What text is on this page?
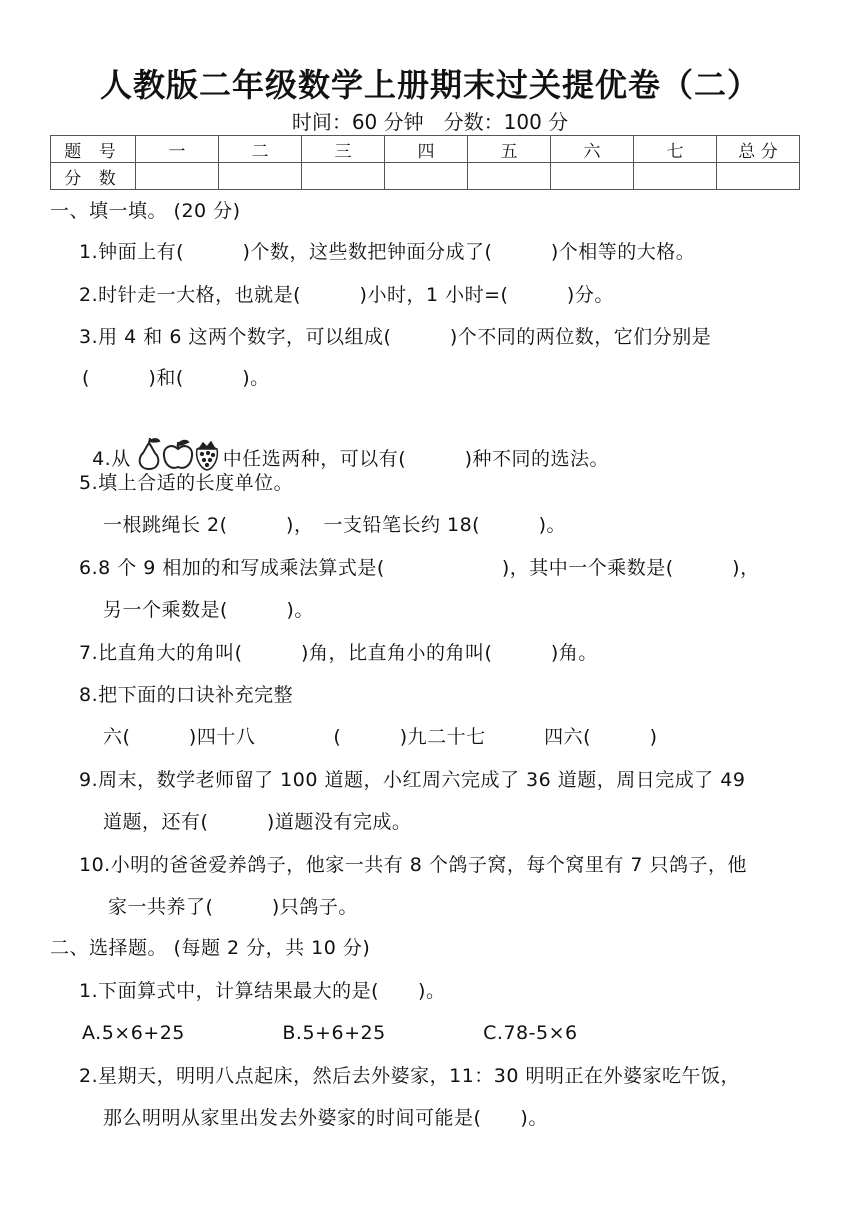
人教版二年级数学上册期末过关提优卷（二）
时间：60 分钟　分数：100 分
题 号	一	二	三	四	五	六	七	总 分
分 数								
一、填一填。 (20 分)
1.钟面上有(　　　)个数，这些数把钟面分成了(　　　)个相等的大格。
2.时针走一大格，也就是(　　　)小时，1 小时=(　　　)分。
3.用 4 和 6 这两个数字，可以组成(　　　)个不同的两位数，它们分别是
(　　　)和(　　　)。

4.从	中任选两种，可以有(　　　)种不同的选法。

5.填上合适的长度单位。
一根跳绳长 2(　　　)，　一支铅笔长约 18(　　　)。
6.8 个 9 相加的和写成乘法算式是(　　　　　　)，其中一个乘数是(　　　)，
另一个乘数是(　　　)。
7.比直角大的角叫(　　　)角，比直角小的角叫(　　　)角。
8.把下面的口诀补充完整
六(　　　)四十八　　　　(　　　)九二十七　　　四六(　　　)
9.周末，数学老师留了 100 道题，小红周六完成了 36 道题，周日完成了 49
道题，还有(　　　)道题没有完成。
10.小明的爸爸爱养鸽子，他家一共有 8 个鸽子窝，每个窝里有 7 只鸽子，他
家一共养了(　　　)只鸽子。
二、选择题。 (每题 2 分，共 10 分)
1.下面算式中，计算结果最大的是(　　)。
A.5×6+25　　　　　B.5+6+25　　　　　C.78-5×6
2.星期天，明明八点起床，然后去外婆家，11：30 明明正在外婆家吃午饭，
那么明明从家里出发去外婆家的时间可能是(　　)。
